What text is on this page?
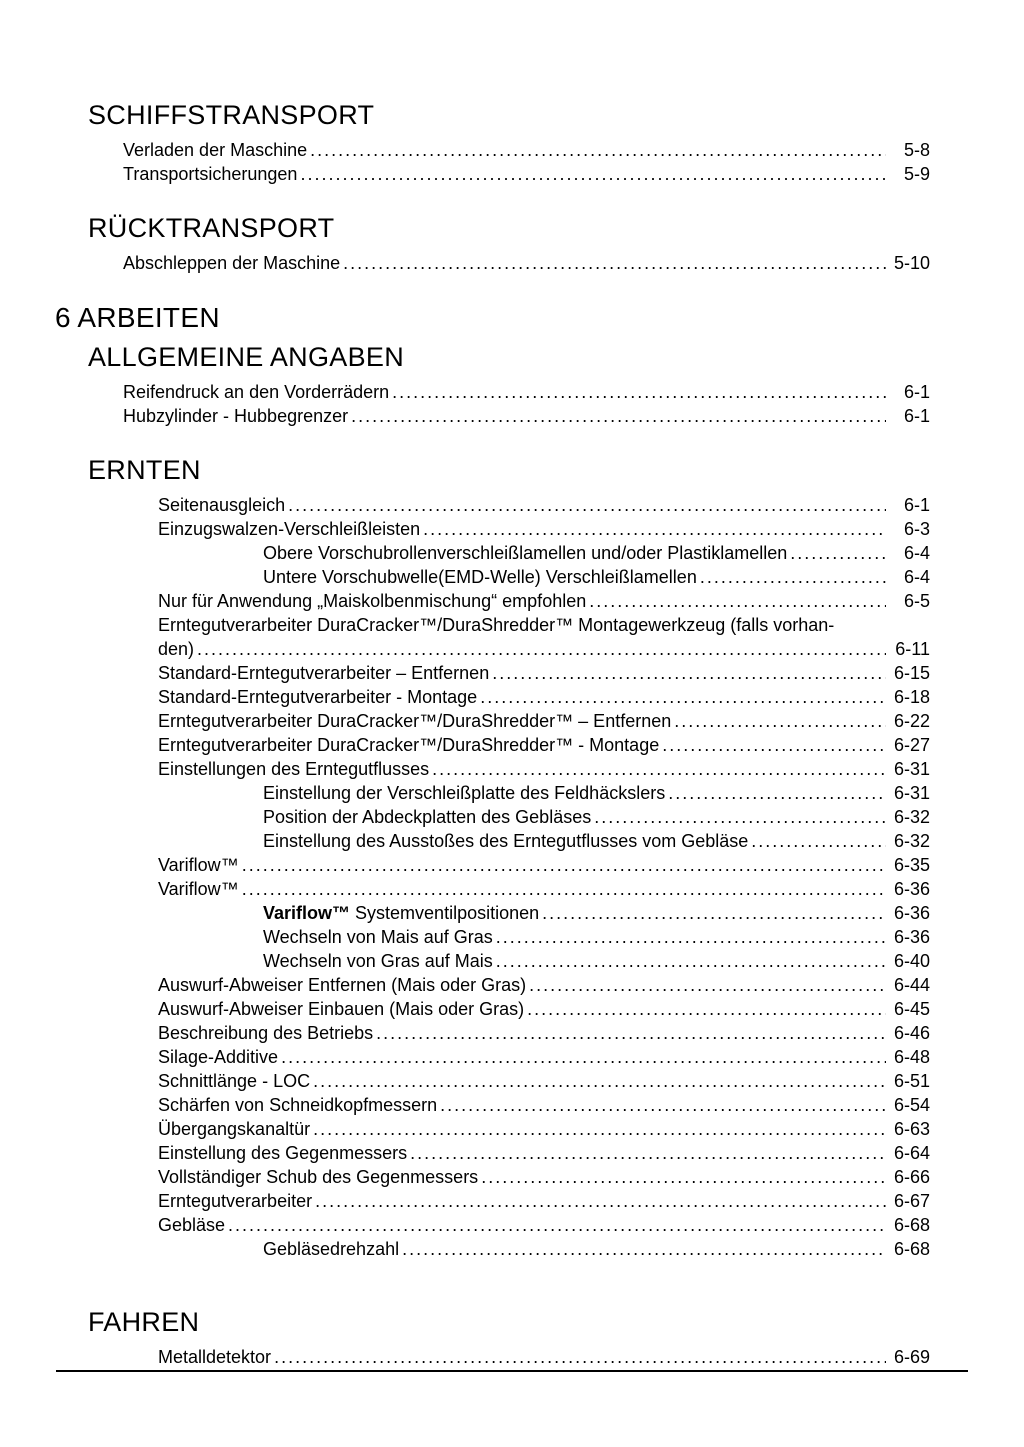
SCHIFFSTRANSPORT
Verladen der Maschine .....	5-8
Transportsicherungen .....	5-9
RÜCKTRANSPORT
Abschleppen der Maschine .....	5-10
6 ARBEITEN
ALLGEMEINE ANGABEN
Reifendruck an den Vorderrädern .....	6-1
Hubzylinder - Hubbegrenzer .....	6-1
ERNTEN
Seitenausgleich .....	6-1
Einzugswalzen-Verschleißleisten .....	6-3
Obere Vorschubrollenverschleißlamellen und/oder Plastiklamellen .....	6-4
Untere Vorschubwelle(EMD-Welle) Verschleißlamellen .....	6-4
Nur für Anwendung „Maiskolbenmischung“ empfohlen .....	6-5
Erntegutverarbeiter DuraCracker™/DuraShredder™ Montagewerkzeug (falls vorhan-
den) .....	6-11
Standard-Erntegutverarbeiter – Entfernen .....	6-15
Standard-Erntegutverarbeiter - Montage .....	6-18
Erntegutverarbeiter DuraCracker™/DuraShredder™ – Entfernen .....	6-22
Erntegutverarbeiter DuraCracker™/DuraShredder™ - Montage .....	6-27
Einstellungen des Erntegutflusses .....	6-31
Einstellung der Verschleißplatte des Feldhäckslers .....	6-31
Position der Abdeckplatten des Gebläses .....	6-32
Einstellung des Ausstoßes des Erntegutflusses vom Gebläse .....	6-32
Variflow™ .....	6-35
Variflow™ .....	6-36
Variflow™ Systemventilpositionen .....	6-36
Wechseln von Mais auf Gras .....	6-36
Wechseln von Gras auf Mais .....	6-40
Auswurf-Abweiser Entfernen (Mais oder Gras) .....	6-44
Auswurf-Abweiser Einbauen (Mais oder Gras) .....	6-45
Beschreibung des Betriebs .....	6-46
Silage-Additive .....	6-48
Schnittlänge - LOC .....	6-51
Schärfen von Schneidkopfmessern .....	6-54
Übergangskanaltür .....	6-63
Einstellung des Gegenmessers .....	6-64
Vollständiger Schub des Gegenmessers .....	6-66
Erntegutverarbeiter .....	6-67
Gebläse .....	6-68
Gebläsedrehzahl .....	6-68
FAHREN
Metalldetektor .....	6-69
